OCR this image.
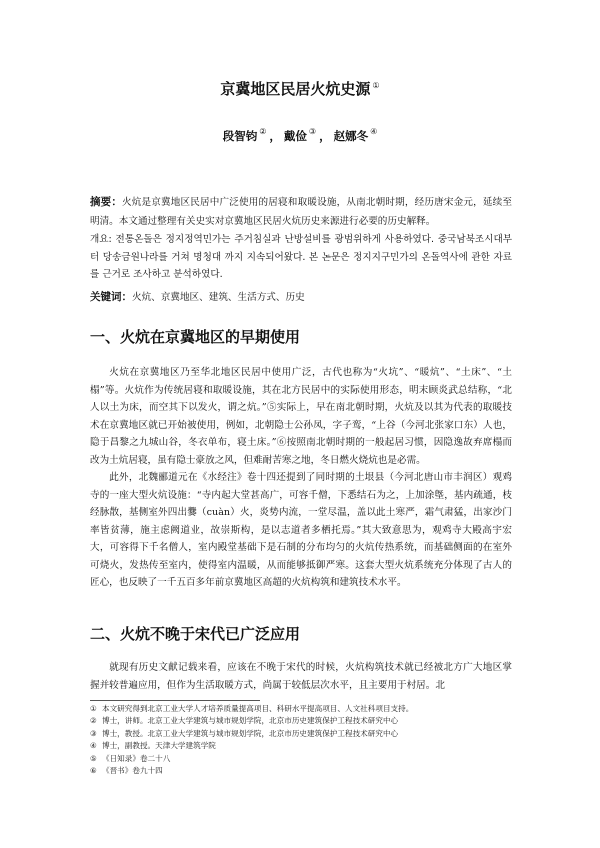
京冀地区民居火炕史源 ①
段智钧 ② ， 戴俭 ③ ， 赵娜冬 ④
摘要：火炕是京冀地区民居中广泛使用的居寝和取暖设施，从南北朝时期，经历唐宋金元，延续至明清。本文通过整理有关史实对京冀地区民居火炕历史来源进行必要的历史解释。
개요: 전통온돌은 정지정역민가는 주거침실과 난방설비를 광범위하게 사용하였다. 중국남북조시대부터 당송금원나라를 거쳐 명청대 까지 지속되어왔다. 본 논문은 정지지구민가의 온돌역사에 관한 자료를 근거로 조사하고 분석하였다.
关键词：火炕、京冀地区、建筑、生活方式、历史
一、火炕在京冀地区的早期使用

火炕在京冀地区乃至华北地区民居中使用广泛，古代也称为“火坑”、“暖炕”、“土床”、“土榻”等。火炕作为传统居寝和取暖设施，其在北方民居中的实际使用形态，明末顾炎武总结称，“北人以土为床，而空其下以发火，谓之炕。”⑤实际上，早在南北朝时期，火炕及以其为代表的取暖技术在京冀地区就已开始被使用，例如，北朝隐士公孙凤，字子鸾，“上谷（今河北张家口东）人也，隐于昌黎之九城山谷，冬衣单布，寝土床。”⑥按照南北朝时期的一般起居习惯，因隐逸故弃席榻而改为土炕居寝，虽有隐士豪放之风，但难耐苦寒之地，冬日燃火烧炕也是必需。

此外，北魏郦道元在《水经注》卷十四还提到了同时期的土垠县（今河北唐山市丰润区）观鸡寺的一座大型火炕设施：“寺内起大堂甚高广，可容千僧，下悉结石为之，上加涂墍，基内疏通，枝经脉散，基侧室外四出爨（cuàn）火，炎势内流，一堂尽温，盖以此土寒严，霜气肃猛，出家沙门率皆贫薄，施主虑阙道业，故崇斯构，是以志道者多栖托焉。”其大致意思为，观鸡寺大殿高宇宏大，可容得下千名僧人，室内殿堂基础下是石制的分布均匀的火炕传热系统，而基础侧面的在室外可烧火，发热传至室内，使得室内温暖，从而能够抵御严寒。这套大型火炕系统充分体现了古人的匠心，也反映了一千五百多年前京冀地区高超的火炕构筑和建筑技术水平。

二、火炕不晚于宋代已广泛应用

就现有历史文献记载来看，应该在不晚于宋代的时候，火炕构筑技术就已经被北方广大地区掌握并较普遍应用，但作为生活取暖方式，尚属于较低层次水平，且主要用于村居。北

① 本文研究得到北京工业大学人才培养质量提高项目、科研水平提高项目、人文社科项目支持。
② 博士，讲师。北京工业大学建筑与城市规划学院，北京市历史建筑保护工程技术研究中心
③ 博士，教授。北京工业大学建筑与城市规划学院，北京市历史建筑保护工程技术研究中心
④ 博士，副教授。天津大学建筑学院
⑤ 《日知录》卷二十八
⑥ 《晋书》卷九十四
